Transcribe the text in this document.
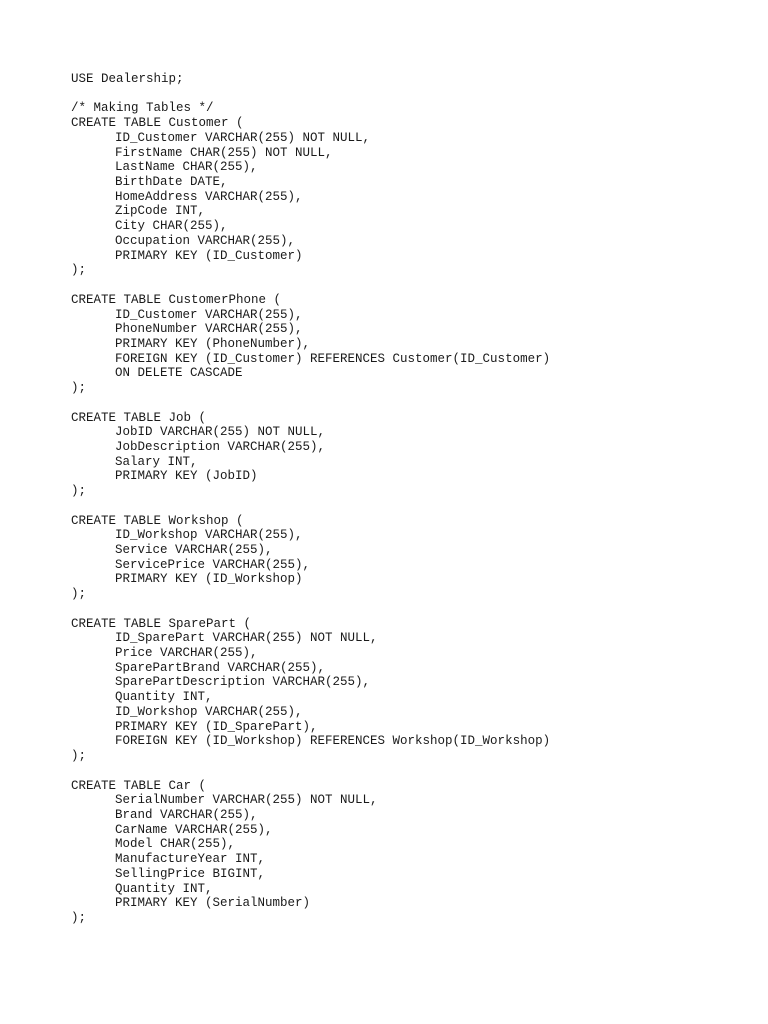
USE Dealership;
/* Making Tables */
CREATE TABLE Customer (
ID_Customer VARCHAR(255) NOT NULL,
FirstName CHAR(255) NOT NULL,
LastName CHAR(255),
BirthDate DATE,
HomeAddress VARCHAR(255),
ZipCode INT,
City CHAR(255),
Occupation VARCHAR(255),
PRIMARY KEY (ID_Customer)
);
CREATE TABLE CustomerPhone (
ID_Customer VARCHAR(255),
PhoneNumber VARCHAR(255),
PRIMARY KEY (PhoneNumber),
FOREIGN KEY (ID_Customer) REFERENCES Customer(ID_Customer)
ON DELETE CASCADE
);
CREATE TABLE Job (
JobID VARCHAR(255) NOT NULL,
JobDescription VARCHAR(255),
Salary INT,
PRIMARY KEY (JobID)
);
CREATE TABLE Workshop (
ID_Workshop VARCHAR(255),
Service VARCHAR(255),
ServicePrice VARCHAR(255),
PRIMARY KEY (ID_Workshop)
);
CREATE TABLE SparePart (
ID_SparePart VARCHAR(255) NOT NULL,
Price VARCHAR(255),
SparePartBrand VARCHAR(255),
SparePartDescription VARCHAR(255),
Quantity INT,
ID_Workshop VARCHAR(255),
PRIMARY KEY (ID_SparePart),
FOREIGN KEY (ID_Workshop) REFERENCES Workshop(ID_Workshop)
);
CREATE TABLE Car (
SerialNumber VARCHAR(255) NOT NULL,
Brand VARCHAR(255),
CarName VARCHAR(255),
Model CHAR(255),
ManufactureYear INT,
SellingPrice BIGINT,
Quantity INT,
PRIMARY KEY (SerialNumber)
);
